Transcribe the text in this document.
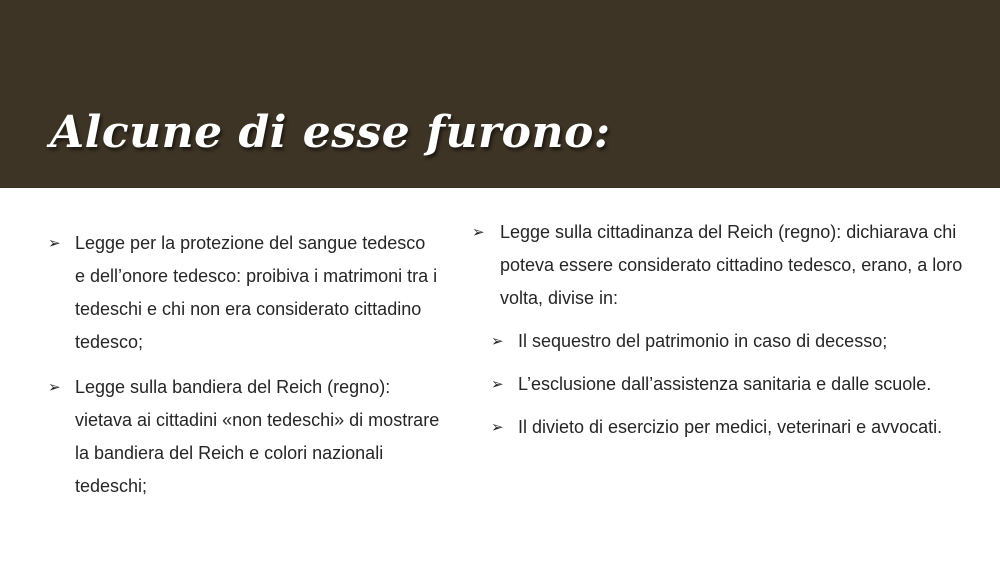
Alcune di esse furono:
➢ Legge per la protezione del sangue tedesco e dell’onore tedesco: proibiva i matrimoni tra i tedeschi e chi non era considerato cittadino tedesco;
➢ Legge sulla bandiera del Reich (regno): vietava ai cittadini «non tedeschi» di mostrare la bandiera del Reich e colori nazionali tedeschi;
➢ Legge sulla cittadinanza del Reich (regno): dichiarava chi poteva essere considerato cittadino tedesco, erano, a loro volta, divise in:
➢ Il sequestro del patrimonio in caso di decesso;
➢ L’esclusione dall’assistenza sanitaria e dalle scuole.
➢ Il divieto di esercizio per medici, veterinari e avvocati.
